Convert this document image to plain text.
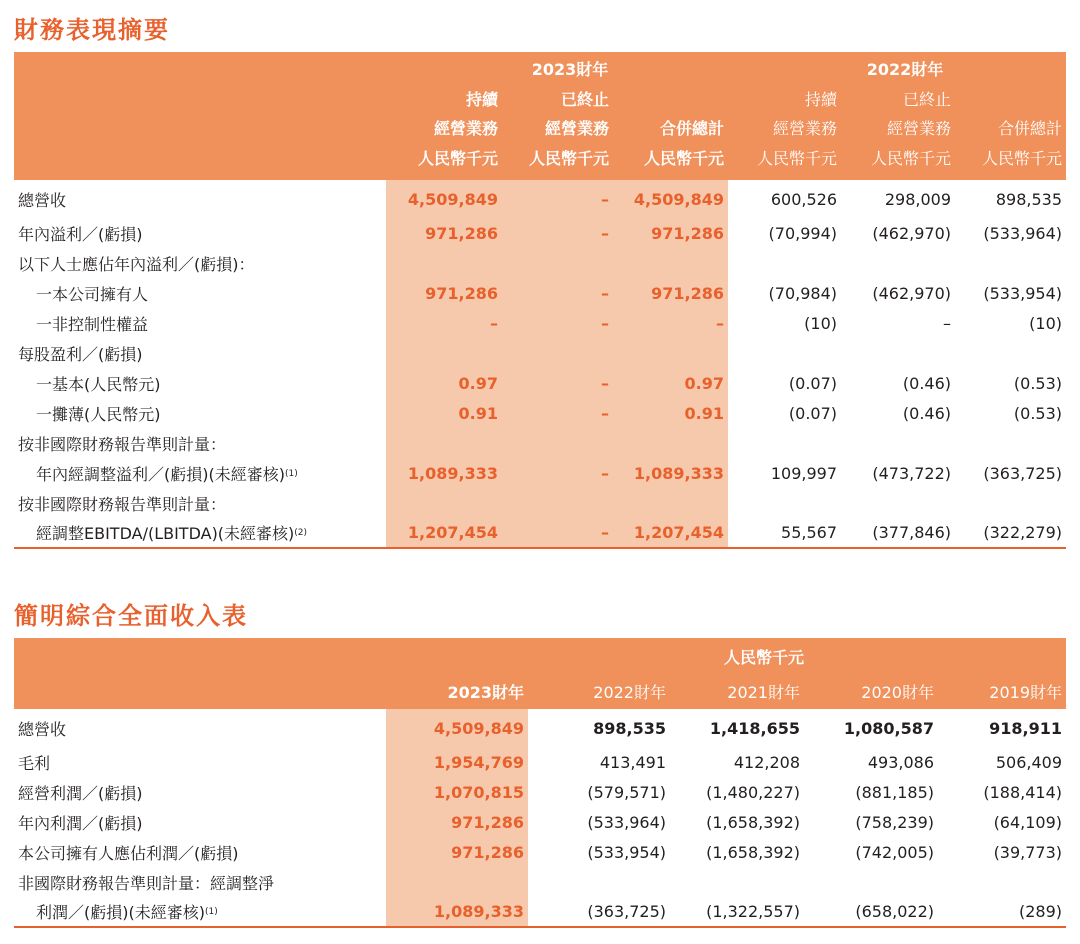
財務表現摘要
	2023財年			2022財年		
	持續	已終止		持續	已終止	
	經營業務	經營業務	合併總計	經營業務	經營業務	合併總計
	人民幣千元	人民幣千元	人民幣千元	人民幣千元	人民幣千元	人民幣千元
總營收	4,509,849	–	4,509,849	600,526	298,009	898,535
年內溢利／(虧損)	971,286	–	971,286	(70,994)	(462,970)	(533,964)
以下人士應佔年內溢利／(虧損)：						
一本公司擁有人	971,286	–	971,286	(70,984)	(462,970)	(533,954)
一非控制性權益	–	–	–	(10)	–	(10)
每股盈利／(虧損)						
一基本(人民幣元)	0.97	–	0.97	(0.07)	(0.46)	(0.53)
一攤薄(人民幣元)	0.91	–	0.91	(0.07)	(0.46)	(0.53)
按非國際財務報告準則計量：						
年內經調整溢利／(虧損)(未經審核)$^{(1)}$	1,089,333	–	1,089,333	109,997	(473,722)	(363,725)
按非國際財務報告準則計量：						
經調整EBITDA/(LBITDA)(未經審核)$^{(2)}$	1,207,454	–	1,207,454	55,567	(377,846)	(322,279)
簡明綜合全面收入表
	人民幣千元				
	2023財年	2022財年	2021財年	2020財年	2019財年
總營收	4,509,849	898,535	1,418,655	1,080,587	918,911
毛利	1,954,769	413,491	412,208	493,086	506,409
經營利潤／(虧損)	1,070,815	(579,571)	(1,480,227)	(881,185)	(188,414)
年內利潤／(虧損)	971,286	(533,964)	(1,658,392)	(758,239)	(64,109)
本公司擁有人應佔利潤／(虧損)	971,286	(533,954)	(1,658,392)	(742,005)	(39,773)
非國際財務報告準則計量：經調整淨					
利潤／(虧損)(未經審核)$^{(1)}$	1,089,333	(363,725)	(1,322,557)	(658,022)	(289)
